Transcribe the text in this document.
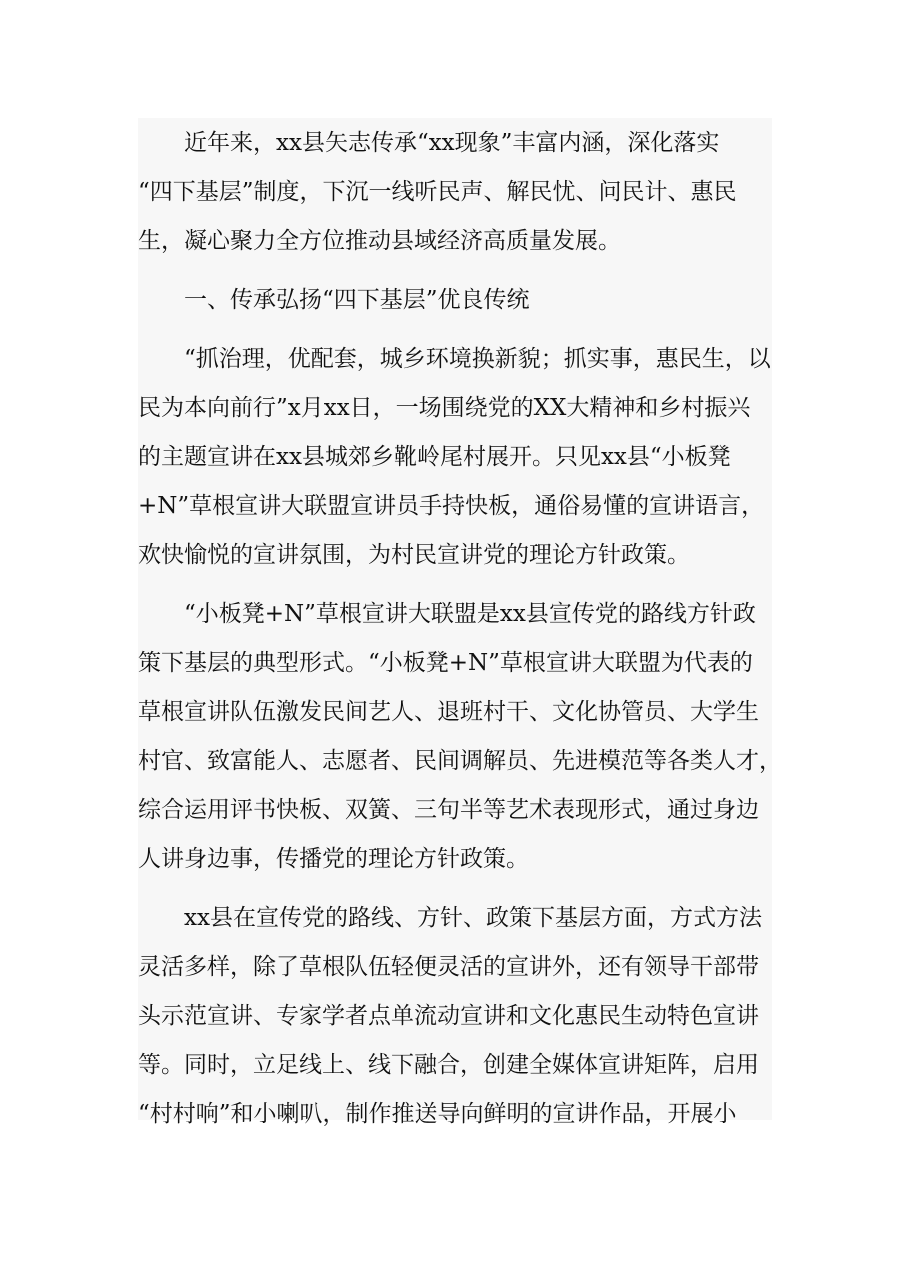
　　近年来，xx县矢志传承“xx现象”丰富内涵，深化落实
“四下基层”制度，下沉一线听民声、解民忧、问民计、惠民
生，凝心聚力全方位推动县域经济高质量发展。
　　一、传承弘扬“四下基层”优良传统
　　“抓治理，优配套，城乡环境换新貌；抓实事，惠民生，以
民为本向前行”x月xx日，一场围绕党的XX大精神和乡村振兴
的主题宣讲在xx县城郊乡靴岭尾村展开。只见xx县“小板凳
+N”草根宣讲大联盟宣讲员手持快板，通俗易懂的宣讲语言，
欢快愉悦的宣讲氛围，为村民宣讲党的理论方针政策。
　　“小板凳+N”草根宣讲大联盟是xx县宣传党的路线方针政
策下基层的典型形式。“小板凳+N”草根宣讲大联盟为代表的
草根宣讲队伍激发民间艺人、退班村干、文化协管员、大学生
村官、致富能人、志愿者、民间调解员、先进模范等各类人才，
综合运用评书快板、双簧、三句半等艺术表现形式，通过身边
人讲身边事，传播党的理论方针政策。
　　xx县在宣传党的路线、方针、政策下基层方面，方式方法
灵活多样，除了草根队伍轻便灵活的宣讲外，还有领导干部带
头示范宣讲、专家学者点单流动宣讲和文化惠民生动特色宣讲
等。同时，立足线上、线下融合，创建全媒体宣讲矩阵，启用
“村村响”和小喇叭，制作推送导向鲜明的宣讲作品，开展小
